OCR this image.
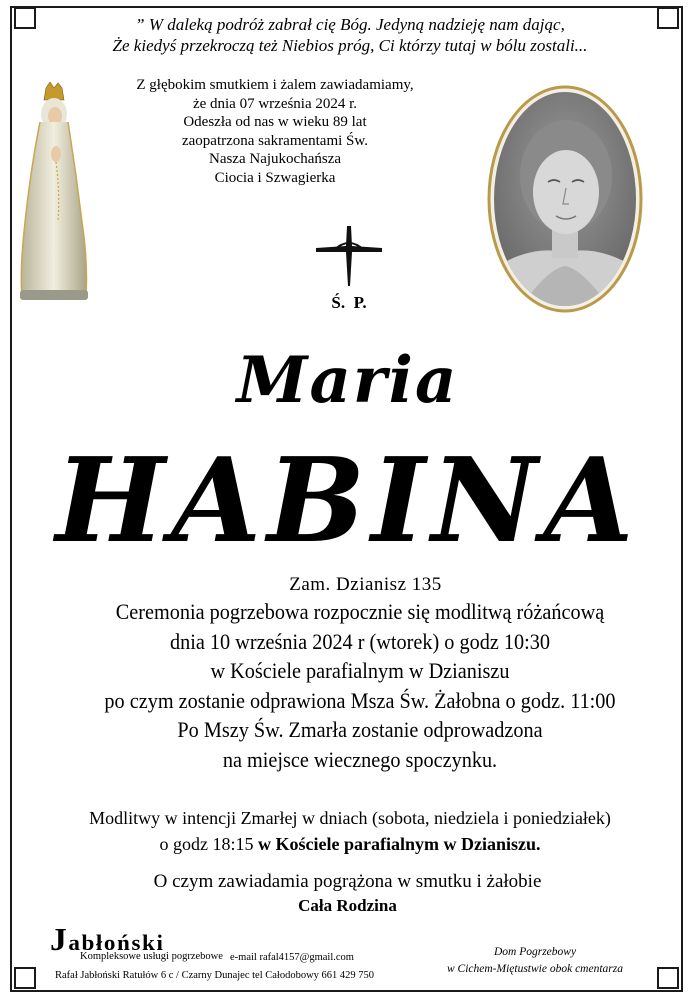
” W daleką podróż zabrał cię Bóg. Jedyną nadzieję nam dając,
Że kiedyś przekroczą też Niebios próg, Ci którzy tutaj w bólu zostali...
Z głębokim smutkiem i żalem zawiadamiamy,
że dnia 07 września 2024 r.
Odeszła od nas w wieku 89 lat
zaopatrzona sakramentami Św.
Nasza Najukochańsza
Ciocia i Szwagierka
Ś.  P.
Maria
HABINA
Zam. Dzianisz 135
Ceremonia pogrzebowa rozpocznie się modlitwą różańcową
dnia 10 września 2024 r (wtorek) o godz 10:30
w Kościele parafialnym w Dzianiszu
po czym zostanie odprawiona Msza Św. Żałobna o godz. 11:00
Po Mszy Św. Zmarła zostanie odprowadzona
na miejsce wiecznego spoczynku.
Modlitwy w intencji Zmarłej w dniach (sobota, niedziela i poniedziałek)
o godz 18:15 w Kościele parafialnym w Dzianiszu.
O czym zawiadamia pogrążona w smutku i żałobie
Cała Rodzina
Jabłoński
Kompleksowe usługi pogrzebowe e-mail rafal4157@gmail.com
Rafał Jabłoński Ratułów 6 c / Czarny Dunajec tel Całodobowy 661 429 750
Dom Pogrzebowy
w Cichem-Miętustwie obok cmentarza
